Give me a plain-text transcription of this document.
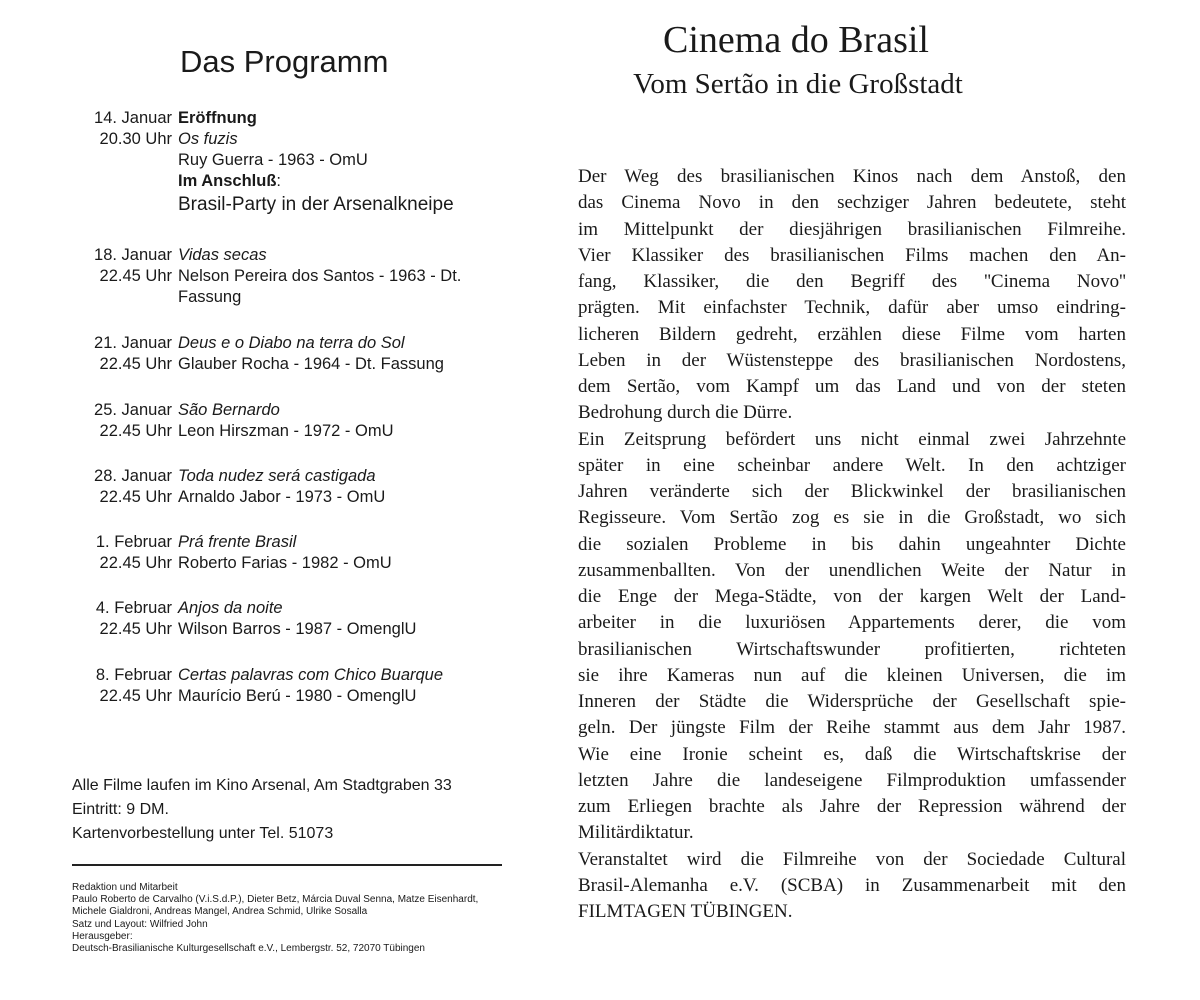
Das Programm
14. Januar
20.30 Uhr
Eröffnung
Os fuzis
Ruy Guerra - 1963 - OmU
Im Anschluß:
Brasil-Party in der Arsenalkneipe
18. Januar
22.45 Uhr
Vidas secas
Nelson Pereira dos Santos - 1963 - Dt. Fassung
21. Januar
22.45 Uhr
Deus e o Diabo na terra do Sol
Glauber Rocha - 1964 - Dt. Fassung
25. Januar
22.45 Uhr
São Bernardo
Leon Hirszman - 1972 - OmU
28. Januar
22.45 Uhr
Toda nudez será castigada
Arnaldo Jabor - 1973 - OmU
1. Februar
22.45 Uhr
Prá frente Brasil
Roberto Farias - 1982 - OmU
4. Februar
22.45 Uhr
Anjos da noite
Wilson Barros - 1987 - OmenglU
8. Februar
22.45 Uhr
Certas palavras com Chico Buarque
Maurício Berú - 1980 - OmenglU
Alle Filme laufen im Kino Arsenal, Am Stadtgraben 33
Eintritt: 9 DM.
Kartenvorbestellung unter Tel. 51073
Redaktion und Mitarbeit
Paulo Roberto de Carvalho (V.i.S.d.P.), Dieter Betz, Márcia Duval Senna, Matze Eisenhardt,
Michele Gialdroni, Andreas Mangel, Andrea Schmid, Ulrike Sosalla
Satz und Layout: Wilfried John
Herausgeber:
Deutsch-Brasilianische Kulturgesellschaft e.V., Lembergstr. 52, 72070 Tübingen
Cinema do Brasil
Vom Sertão in die Großstadt
Der Weg des brasilianischen Kinos nach dem Anstoß, den
das Cinema Novo in den sechziger Jahren bedeutete, steht
im Mittelpunkt der diesjährigen brasilianischen Filmreihe.
Vier Klassiker des brasilianischen Films machen den An-
fang, Klassiker, die den Begriff des ''Cinema Novo''
prägten. Mit einfachster Technik, dafür aber umso eindring-
licheren Bildern gedreht, erzählen diese Filme vom harten
Leben in der Wüstensteppe des brasilianischen Nordostens,
dem Sertão, vom Kampf um das Land und von der steten
Bedrohung durch die Dürre.
Ein Zeitsprung befördert uns nicht einmal zwei Jahrzehnte
später in eine scheinbar andere Welt. In den achtziger
Jahren veränderte sich der Blickwinkel der brasilianischen
Regisseure. Vom Sertão zog es sie in die Großstadt, wo sich
die sozialen Probleme in bis dahin ungeahnter Dichte
zusammenballten. Von der unendlichen Weite der Natur in
die Enge der Mega-Städte, von der kargen Welt der Land-
arbeiter in die luxuriösen Appartements derer, die vom
brasilianischen Wirtschaftswunder profitierten, richteten
sie ihre Kameras nun auf die kleinen Universen, die im
Inneren der Städte die Widersprüche der Gesellschaft spie-
geln. Der jüngste Film der Reihe stammt aus dem Jahr 1987.
Wie eine Ironie scheint es, daß die Wirtschaftskrise der
letzten Jahre die landeseigene Filmproduktion umfassender
zum Erliegen brachte als Jahre der Repression während der
Militärdiktatur.
Veranstaltet wird die Filmreihe von der Sociedade Cultural
Brasil-Alemanha e.V. (SCBA) in Zusammenarbeit mit den
FILMTAGEN TÜBINGEN.
